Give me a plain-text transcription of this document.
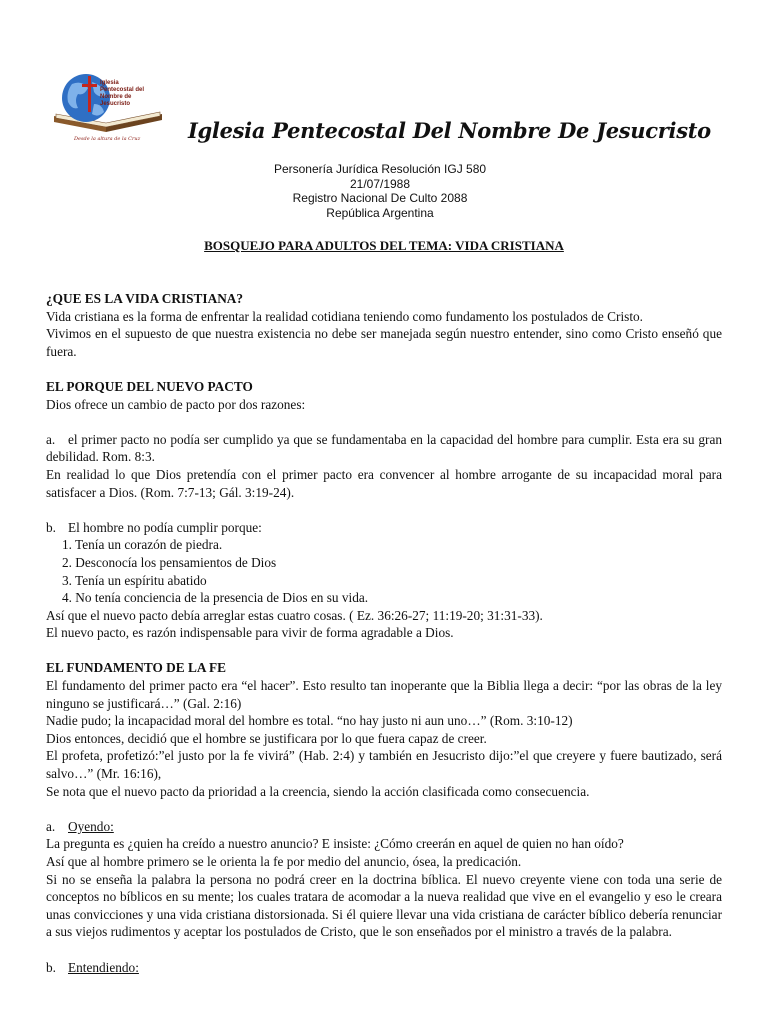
Iglesia
Pentecostal del
Nombre de
Jesucristo
Desde la altura de la Cruz Iglesia Pentecostal Del Nombre De Jesucristo
Personería Jurídica Resolución IGJ 580 21/07/1988
Registro Nacional De Culto 2088
República Argentina
BOSQUEJO PARA ADULTOS DEL TEMA: VIDA CRISTIANA

¿QUE ES LA VIDA CRISTIANA?

Vida cristiana es la forma de enfrentar la realidad cotidiana teniendo como fundamento los postulados de Cristo.

Vivimos en el supuesto de que nuestra existencia no debe ser manejada según nuestro entender, sino como Cristo enseñó que fuera.

EL PORQUE DEL NUEVO PACTO

Dios ofrece un cambio de pacto por dos razones:

a. el primer pacto no podía ser cumplido ya que se fundamentaba en la capacidad del hombre para cumplir. Esta era su gran debilidad. Rom. 8:3.

En realidad lo que Dios pretendía con el primer pacto era convencer al hombre arrogante de su incapacidad moral para satisfacer a Dios. (Rom. 7:7-13; Gál. 3:19-24).

b. El hombre no podía cumplir porque:

1. Tenía un corazón de piedra.
2. Desconocía los pensamientos de Dios
3. Tenía un espíritu abatido
4. No tenía conciencia de la presencia de Dios en su vida.

Así que el nuevo pacto debía arreglar estas cuatro cosas. ( Ez. 36:26-27; 11:19-20; 31:31-33).

El nuevo pacto, es razón indispensable para vivir de forma agradable a Dios.

EL FUNDAMENTO DE LA FE

El fundamento del primer pacto era “el hacer”. Esto resulto tan inoperante que la Biblia llega a decir: “por las obras de la ley ninguno se justificará…” (Gal. 2:16)

Nadie pudo; la incapacidad moral del hombre es total. “no hay justo ni aun uno…” (Rom. 3:10-12)

Dios entonces, decidió que el hombre se justificara por lo que fuera capaz de creer.

El profeta, profetizó:”el justo por la fe vivirá” (Hab. 2:4) y también en Jesucristo dijo:”el que creyere y fuere bautizado, será salvo…” (Mr. 16:16),

Se nota que el nuevo pacto da prioridad a la creencia, siendo la acción clasificada como consecuencia.

a. Oyendo:

La pregunta es ¿quien ha creído a nuestro anuncio? E insiste: ¿Cómo creerán en aquel de quien no han oído?

Así que al hombre primero se le orienta la fe por medio del anuncio, ósea, la predicación.

Si no se enseña la palabra la persona no podrá creer en la doctrina bíblica. El nuevo creyente viene con toda una serie de conceptos no bíblicos en su mente; los cuales tratara de acomodar a la nueva realidad que vive en el evangelio y eso le creara unas convicciones y una vida cristiana distorsionada. Si él quiere llevar una vida cristiana de carácter bíblico debería renunciar a sus viejos rudimentos y aceptar los postulados de Cristo, que le son enseñados por el ministro a través de la palabra.

b. Entendiendo:
